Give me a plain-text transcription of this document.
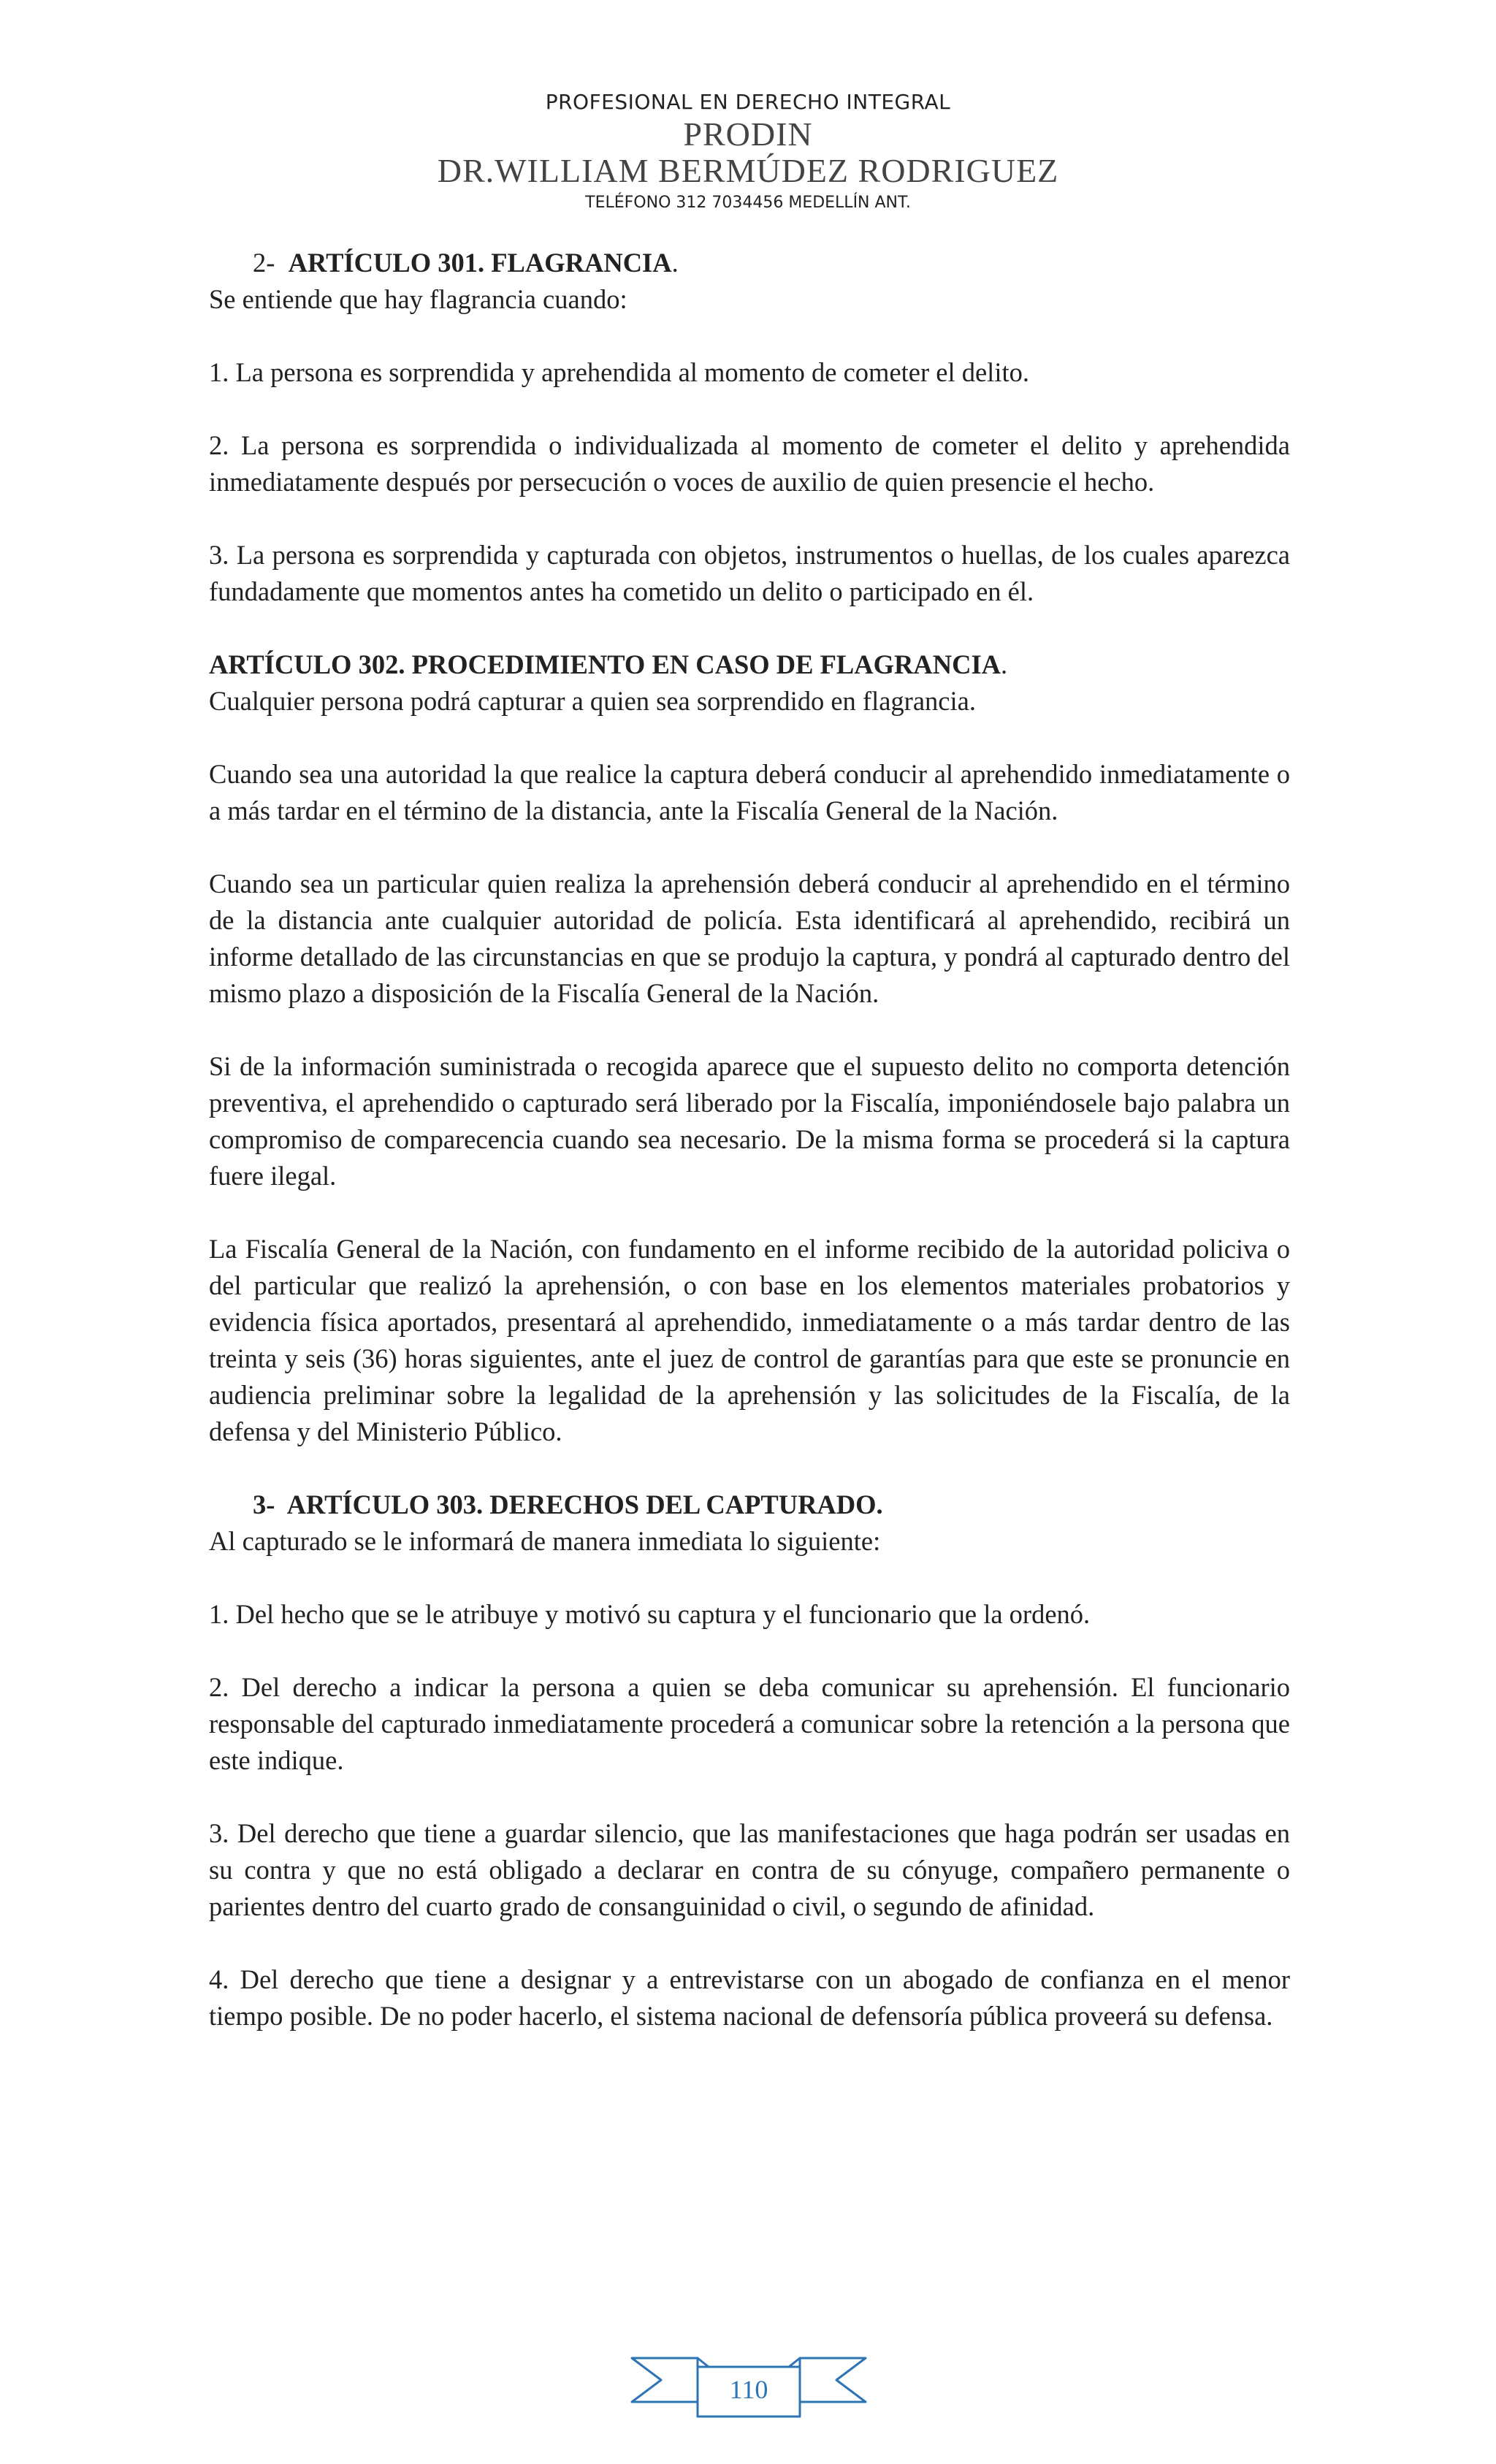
PROFESIONAL EN DERECHO INTEGRAL
PRODIN
DR.WILLIAM BERMÚDEZ RODRIGUEZ
TELÉFONO 312 7034456 MEDELLÍN ANT.

2- ARTÍCULO 301. FLAGRANCIA.

Se entiende que hay flagrancia cuando:

1. La persona es sorprendida y aprehendida al momento de cometer el delito.

2. La persona es sorprendida o individualizada al momento de cometer el delito y aprehendida inmediatamente después por persecución o voces de auxilio de quien presencie el hecho.

3. La persona es sorprendida y capturada con objetos, instrumentos o huellas, de los cuales aparezca fundadamente que momentos antes ha cometido un delito o participado en él.

ARTÍCULO 302. PROCEDIMIENTO EN CASO DE FLAGRANCIA.

Cualquier persona podrá capturar a quien sea sorprendido en flagrancia.

Cuando sea una autoridad la que realice la captura deberá conducir al aprehendido inmediatamente o a más tardar en el término de la distancia, ante la Fiscalía General de la Nación.

Cuando sea un particular quien realiza la aprehensión deberá conducir al aprehendido en el término de la distancia ante cualquier autoridad de policía. Esta identificará al aprehendido, recibirá un informe detallado de las circunstancias en que se produjo la captura, y pondrá al capturado dentro del mismo plazo a disposición de la Fiscalía General de la Nación.

Si de la información suministrada o recogida aparece que el supuesto delito no comporta detención preventiva, el aprehendido o capturado será liberado por la Fiscalía, imponiéndosele bajo palabra un compromiso de comparecencia cuando sea necesario. De la misma forma se procederá si la captura fuere ilegal.

La Fiscalía General de la Nación, con fundamento en el informe recibido de la autoridad policiva o del particular que realizó la aprehensión, o con base en los elementos materiales probatorios y evidencia física aportados, presentará al aprehendido, inmediatamente o a más tardar dentro de las treinta y seis (36) horas siguientes, ante el juez de control de garantías para que este se pronuncie en audiencia preliminar sobre la legalidad de la aprehensión y las solicitudes de la Fiscalía, de la defensa y del Ministerio Público.

3- ARTÍCULO 303. DERECHOS DEL CAPTURADO.

Al capturado se le informará de manera inmediata lo siguiente:

1. Del hecho que se le atribuye y motivó su captura y el funcionario que la ordenó.

2. Del derecho a indicar la persona a quien se deba comunicar su aprehensión. El funcionario responsable del capturado inmediatamente procederá a comunicar sobre la retención a la persona que este indique.

3. Del derecho que tiene a guardar silencio, que las manifestaciones que haga podrán ser usadas en su contra y que no está obligado a declarar en contra de su cónyuge, compañero permanente o parientes dentro del cuarto grado de consanguinidad o civil, o segundo de afinidad.

4. Del derecho que tiene a designar y a entrevistarse con un abogado de confianza en el menor tiempo posible. De no poder hacerlo, el sistema nacional de defensoría pública proveerá su defensa.

110
